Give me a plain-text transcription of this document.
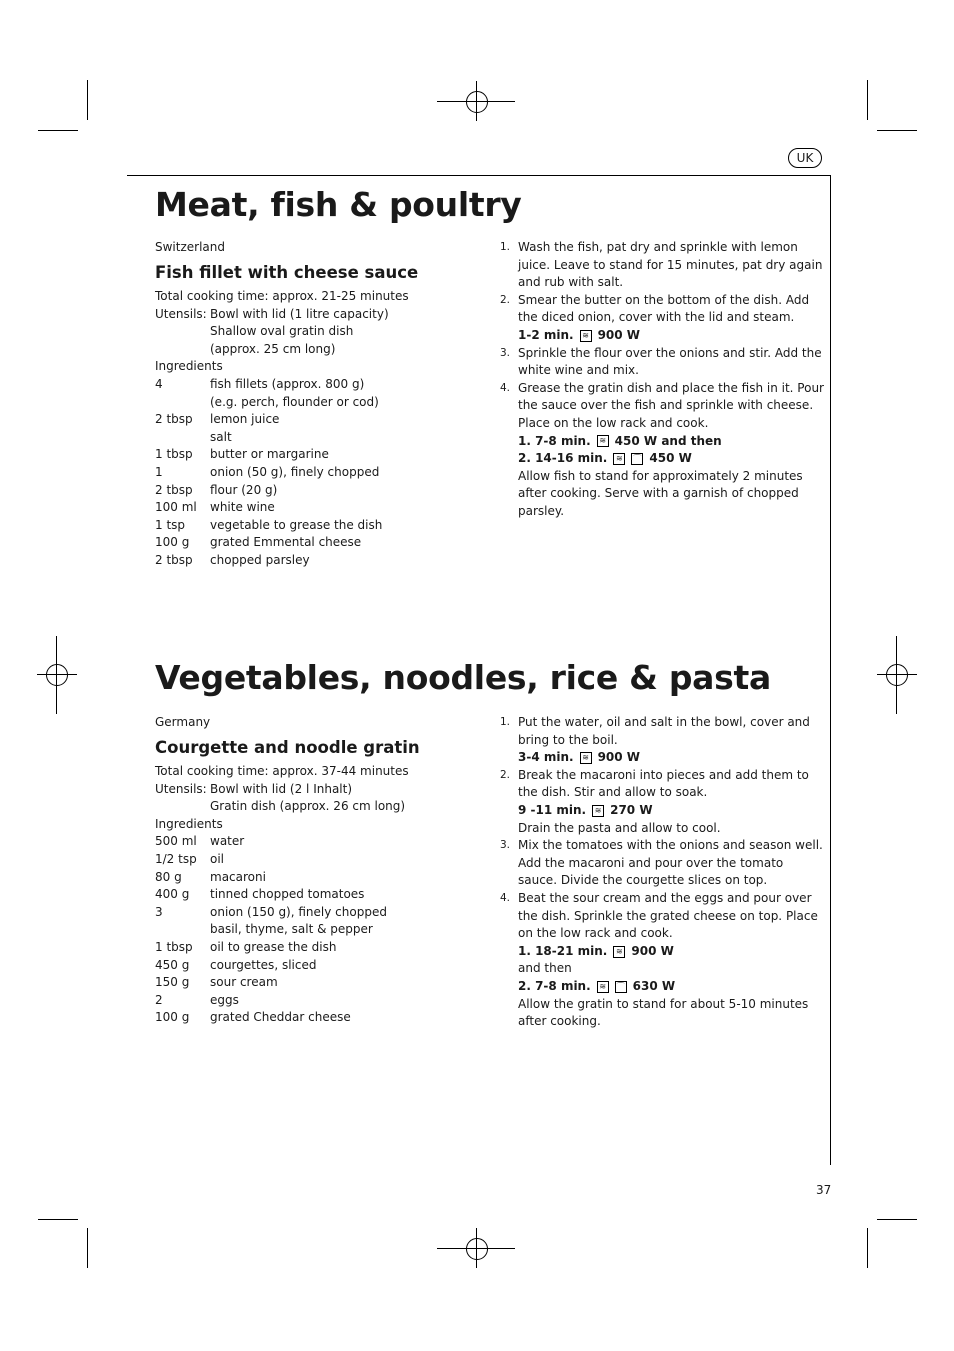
UK
Meat, fish & poultry
Switzerland
Fish fillet with cheese sauce
Total cooking time: approx. 21-25 minutes
Utensils: Bowl with lid (1 litre capacity)
Shallow oval gratin dish
(approx. 25 cm long)
Ingredients
4	fish fillets (approx. 800 g)
(e.g. perch, flounder or cod)
2 tbsp lemon juice
salt
1 tbsp butter or margarine
1	onion (50 g), finely chopped
2 tbsp flour (20 g)
100 ml white wine
1 tsp vegetable to grease the dish
100 g grated Emmental cheese
2 tbsp chopped parsley
1. Wash the fish, pat dry and sprinkle with lemon juice. Leave to stand for 15 minutes, pat dry again and rub with salt.
2. Smear the butter on the bottom of the dish. Add the diced onion, cover with the lid and steam.
1-2 min.	≋ 900 W
3. Sprinkle the flour over the onions and stir. Add the white wine and mix.
4. Grease the gratin dish and place the fish in it. Pour the sauce over the fish and sprinkle with cheese. Place on the low rack and cook.
1. 7-8 min.	≋ 450 W and then
2. 14-16 min.	≋	⌒ 450 W
Allow fish to stand for approximately 2 minutes after cooking. Serve with a garnish of chopped parsley.
Vegetables, noodles, rice & pasta
Germany
Courgette and noodle gratin
Total cooking time: approx. 37-44 minutes
Utensils: Bowl with lid (2 l Inhalt)
Gratin dish (approx. 26 cm long)
Ingredients
500 ml water
1/2 tsp oil
80 g macaroni
400 g tinned chopped tomatoes
3	onion (150 g), finely chopped
basil, thyme, salt & pepper
1 tbsp oil to grease the dish
450 g courgettes, sliced
150 g sour cream
2	eggs
100 g grated Cheddar cheese
1. Put the water, oil and salt in the bowl, cover and bring to the boil.
3-4 min.	≋ 900 W
2. Break the macaroni into pieces and add them to the dish. Stir and allow to soak.
9 -11 min.	≋ 270 W
Drain the pasta and allow to cool.
3. Mix the tomatoes with the onions and season well. Add the macaroni and pour over the tomato sauce. Divide the courgette slices on top.
4. Beat the sour cream and the eggs and pour over the dish. Sprinkle the grated cheese on top. Place on the low rack and cook.
1. 18-21 min.	≋ 900 W
and then
2. 7-8 min.	≋	⌒ 630 W
Allow the gratin to stand for about 5-10 minutes after cooking.
37
